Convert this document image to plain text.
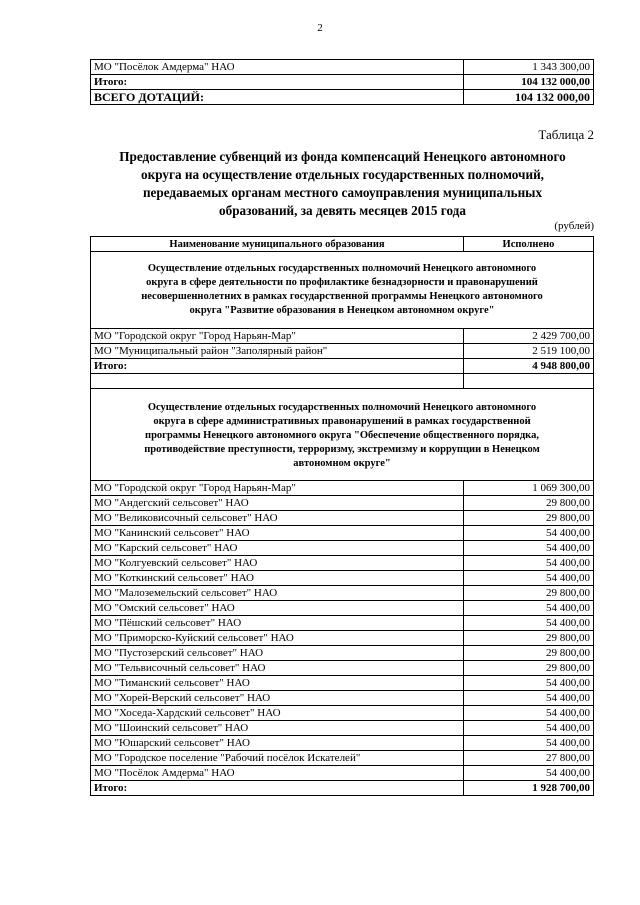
2
МО "Посёлок Амдерма" НАО	1 343 300,00
Итого:	104 132 000,00
ВСЕГО ДОТАЦИЙ:	104 132 000,00
Таблица 2
Предоставление субвенций из фонда компенсаций Ненецкого автономного
округа на осуществление отдельных государственных полномочий,
передаваемых органам местного самоуправления муниципальных
образований, за девять месяцев 2015 года
(рублей)
Наименование муниципального образования	Исполнено

Осуществление отдельных государственных полномочий Ненецкого автономного
округа в сфере деятельности по профилактике безнадзорности и правонарушений
несовершеннолетних в рамках государственной программы Ненецкого автономного
округа "Развитие образования в Ненецком автономном округе"	

МО "Городской округ "Город Нарьян-Мар"	2 429 700,00
МО "Муниципальный район "Заполярный район"	2 519 100,00
Итого:	4 948 800,00

Осуществление отдельных государственных полномочий Ненецкого автономного
округа в сфере административных правонарушений в рамках государственной
программы Ненецкого автономного округа "Обеспечение общественного порядка,
противодействие преступности, терроризму, экстремизму и коррупции в Ненецком
автономном округе"	

МО "Городской округ "Город Нарьян-Мар"	1 069 300,00
МО "Андегский сельсовет" НАО	29 800,00
МО "Великовисочный сельсовет" НАО	29 800,00
МО "Канинский сельсовет" НАО	54 400,00
МО "Карский сельсовет" НАО	54 400,00
МО "Колгуевский сельсовет" НАО	54 400,00
МО "Коткинский сельсовет" НАО	54 400,00
МО "Малоземельский сельсовет" НАО	29 800,00
МО "Омский сельсовет" НАО	54 400,00
МО "Пёшский сельсовет" НАО	54 400,00
МО "Приморско-Куйский сельсовет" НАО	29 800,00
МО "Пустозерский сельсовет" НАО	29 800,00
МО "Тельвисочный сельсовет" НАО	29 800,00
МО "Тиманский сельсовет" НАО	54 400,00
МО "Хорей-Верский сельсовет" НАО	54 400,00
МО "Хоседа-Хардский сельсовет" НАО	54 400,00
МО "Шоинский сельсовет" НАО	54 400,00
МО "Юшарский сельсовет" НАО	54 400,00
МО "Городское поселение "Рабочий посёлок Искателей"	27 800,00
МО "Посёлок Амдерма" НАО	54 400,00
Итого:	1 928 700,00
